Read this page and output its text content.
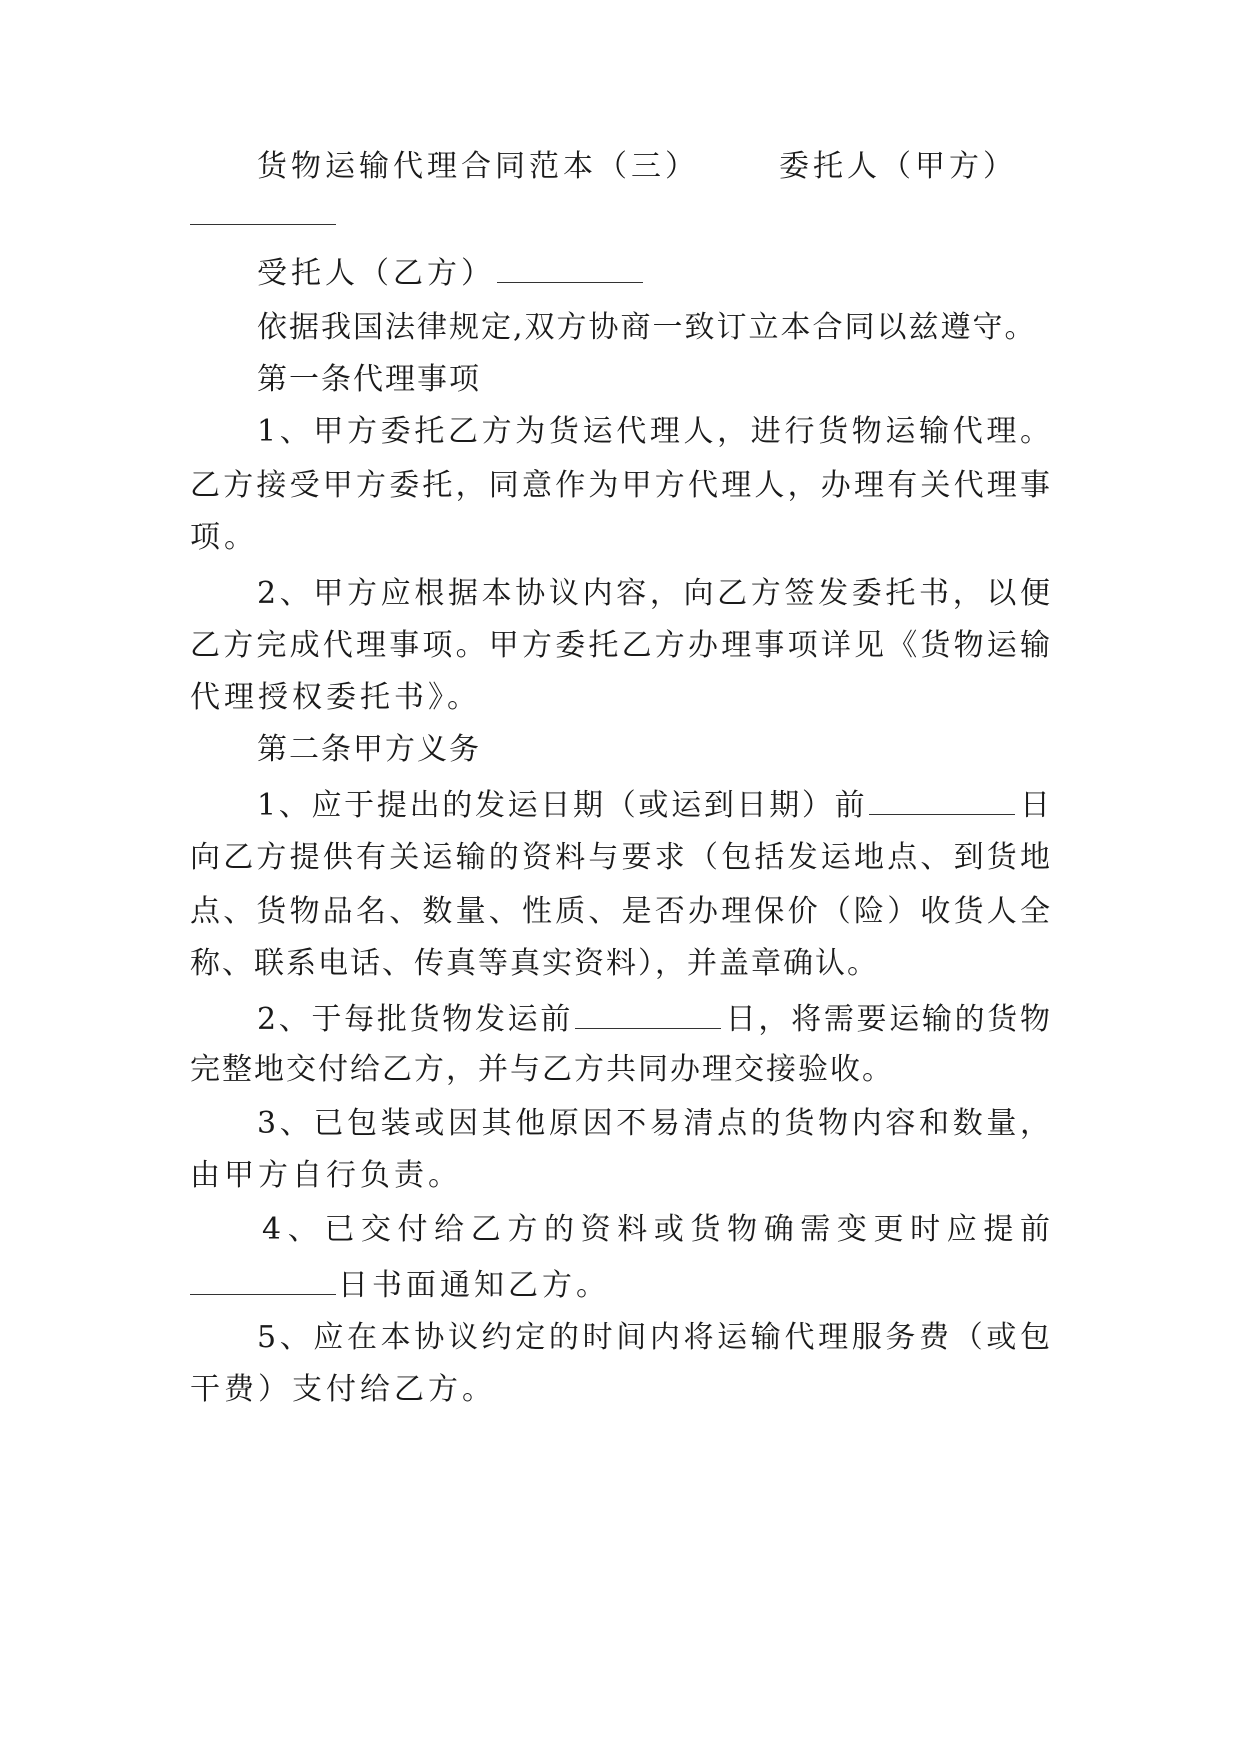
货物运输代理合同范本（三）	委托人（甲方）
受托人（乙方）
依据我国法律规定,双方协商一致订立本合同以兹遵守。
第一条代理事项
1、甲方委托乙方为货运代理人，进行货物运输代理。
乙方接受甲方委托，同意作为甲方代理人，办理有关代理事
项。
2、甲方应根据本协议内容，向乙方签发委托书，以便
乙方完成代理事项。甲方委托乙方办理事项详见《货物运输
代理授权委托书》。
第二条甲方义务
1、应于提出的发运日期（或运到日期）前	日
向乙方提供有关运输的资料与要求（包括发运地点、到货地
点、货物品名、数量、性质、是否办理保价（险）收货人全
称、联系电话、传真等真实资料），并盖章确认。
2、于每批货物发运前	日，将需要运输的货物
完整地交付给乙方，并与乙方共同办理交接验收。
3、已包装或因其他原因不易清点的货物内容和数量，
由甲方自行负责。
4、已交付给乙方的资料或货物确需变更时应提前
日书面通知乙方。
5、应在本协议约定的时间内将运输代理服务费（或包
干费）支付给乙方。
